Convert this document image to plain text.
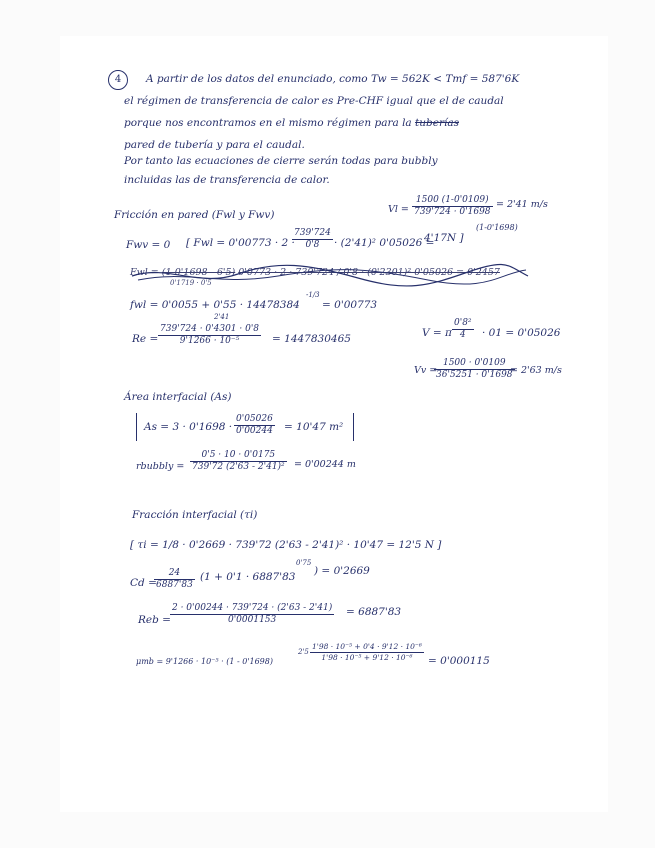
4	A partir de los datos del enunciado, como Tw = 562K < Tmf = 587'6K
el régimen de transferencia de calor es Pre-CHF igual que el de caudal
porque nos encontramos en el mismo régimen para la tuberías
pared de tubería y para el caudal.
Por tanto las ecuaciones de cierre serán todas para bubbly
incluidas las de transferencia de calor.
Fricción en pared (Fwl y Fwv)	$Vl = \frac{1500 (1-0'0109)}{739'724 \cdot 0'1698} = 2'41$ m/s
(1-0'1698)
Fwv = 0 [ Fwl = 0'00773 · 2 ·
$\frac{739'724}{0'8} \cdot (2'41)^2$ 0'05026 =
4'17N ]
Fwl = (1-0'1698 - 6'5) 0'0773 · 2 · 739'724 / 0'8 · (0'2301)² 0'05026 = 0'2457
0'1719 · 0'5
fwl = 0'0055 + 0'55 · 14478384
-1/3
= 0'00773
Re =
2'41
$\frac{739'724 \cdot 0'4301 \cdot 0'8}{\text{9'1266 · 10⁻⁵}} = 1447830465$	V = π $\frac{\text{0'8²}}{4} \cdot 01 = 0'05026$
Vv =
$\frac{1500 \cdot 0'0109}{36'5251 \cdot 0'1698}$
= 2'63 m/s
Área interfacial (As)
$As = 3 \cdot 0'1698 \cdot \frac{0'05026}{0'00244} = 10'47$ m²
rbubbly = $\frac{0'5 \cdot 10 \cdot 0'0175}{\text{739'72 (2'63 - 2'41)²}} = 0'00244$ m
Fracción interfacial (τi)
[ τi = 1/8 · 0'2669 · 739'72 (2'63 - 2'41)² · 10'47 = 12'5 N ]
Cd =
$\frac{24}{6887'83} (1 + 0'1 \cdot 6887'83$
0'75
) = 0'2669
Reb = $\frac{2 \cdot 0'00244 \cdot 739'724 \cdot (2'63 - 2'41)}{0'0001153} = 6887'83$
μmb = 9'1266 · 10⁻⁵ · (1 - 0'1698)
$2'5 \frac{\text{1'98 · 10⁻⁵ + 0'4 · 9'12 · 10⁻⁶}}{\text{1'98 · 10⁻⁵ + 9'12 · 10⁻⁶}} = 0'000115$
